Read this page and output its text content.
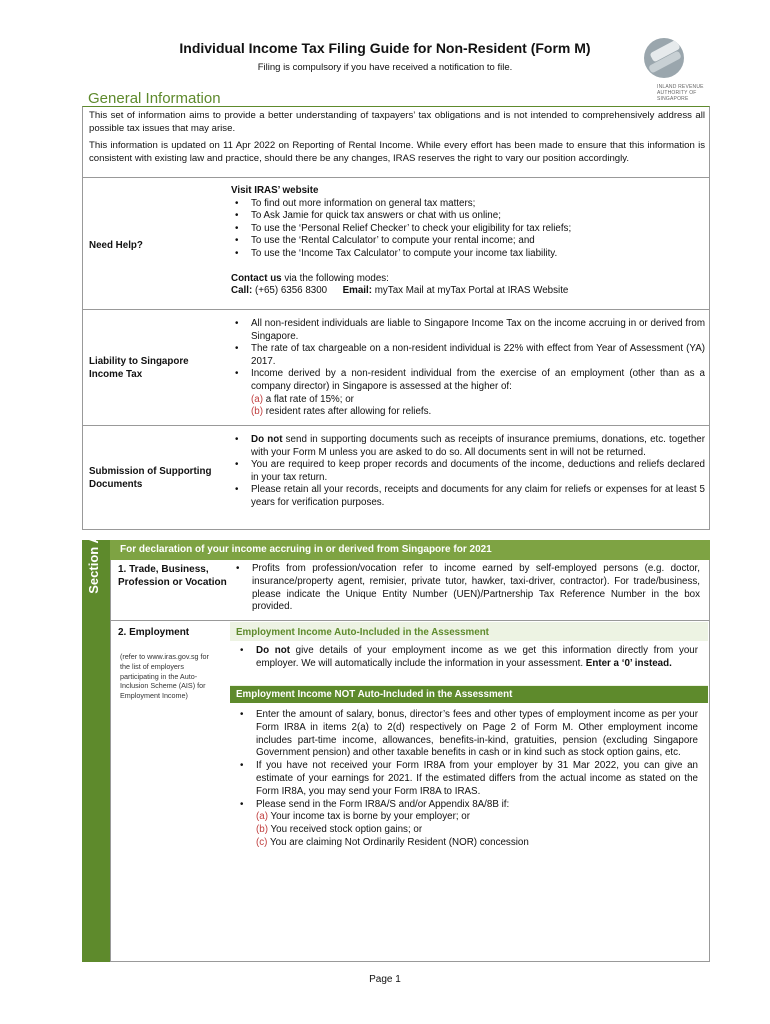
Individual Income Tax Filing Guide for Non-Resident (Form M)
Filing is compulsory if you have received a notification to file.
INLAND REVENUE AUTHORITY OF SINGAPORE
General Information

This set of information aims to provide a better understanding of taxpayers’ tax obligations and is not intended to comprehensively address all possible tax issues that may arise.

This information is updated on 11 Apr 2022 on Reporting of Rental Income. While every effort has been made to ensure that this information is consistent with existing law and practice, should there be any changes, IRAS reserves the right to vary our position accordingly.

Need Help?
Visit IRAS’ website
• To find out more information on general tax matters;
• To Ask Jamie for quick tax answers or chat with us online;
• To use the ‘Personal Relief Checker’ to check your eligibility for tax reliefs;
• To use the ‘Rental Calculator’ to compute your rental income; and
• To use the ‘Income Tax Calculator’ to compute your income tax liability.
Contact us via the following modes:
Call: (+65) 6356 8300 Email: myTax Mail at myTax Portal at IRAS Website
Liability to Singapore Income Tax
• All non-resident individuals are liable to Singapore Income Tax on the income accruing in or derived from Singapore.
• The rate of tax chargeable on a non-resident individual is 22% with effect from Year of Assessment (YA) 2017.
• Income derived by a non-resident individual from the exercise of an employment (other than as a company director) in Singapore is assessed at the higher of:
(a) a flat rate of 15%; or
(b) resident rates after allowing for reliefs.
Submission of Supporting Documents
• Do not send in supporting documents such as receipts of insurance premiums, donations, etc. together with your Form M unless you are asked to do so. All documents sent in will not be returned.
• You are required to keep proper records and documents of the income, deductions and reliefs declared in your tax return.
• Please retain all your records, receipts and documents for any claim for reliefs or expenses for at least 5 years for verification purposes.
Section A	For declaration of your income accruing in or derived from Singapore for 2021
1. Trade, Business, Profession or Vocation
• Profits from profession/vocation refer to income earned by self-employed persons (e.g. doctor, insurance/property agent, remisier, private tutor, hawker, taxi-driver, contractor). For trade/business, please indicate the Unique Entity Number (UEN)/Partnership Tax Reference Number in the box provided.
2. Employment
(refer to www.iras.gov.sg for the list of employers participating in the Auto-Inclusion Scheme (AIS) for Employment Income)
Employment Income Auto-Included in the Assessment
• Do not give details of your employment income as we get this information directly from your employer. We will automatically include the information in your assessment. Enter a ‘0’ instead.
Employment Income NOT Auto-Included in the Assessment
• Enter the amount of salary, bonus, director’s fees and other types of employment income as per your Form IR8A in items 2(a) to 2(d) respectively on Page 2 of Form M. Other employment income includes part-time income, allowances, benefits-in-kind, gratuities, pension (excluding Singapore Government pension) and other taxable benefits in cash or in kind such as stock option gains, etc.
• If you have not received your Form IR8A from your employer by 31 Mar 2022, you can give an estimate of your earnings for 2021. If the estimated differs from the actual income as stated on the Form IR8A, you may send your Form IR8A to IRAS.
• Please send in the Form IR8A/S and/or Appendix 8A/8B if:
(a) Your income tax is borne by your employer; or
(b) You received stock option gains; or
(c) You are claiming Not Ordinarily Resident (NOR) concession
Page 1
